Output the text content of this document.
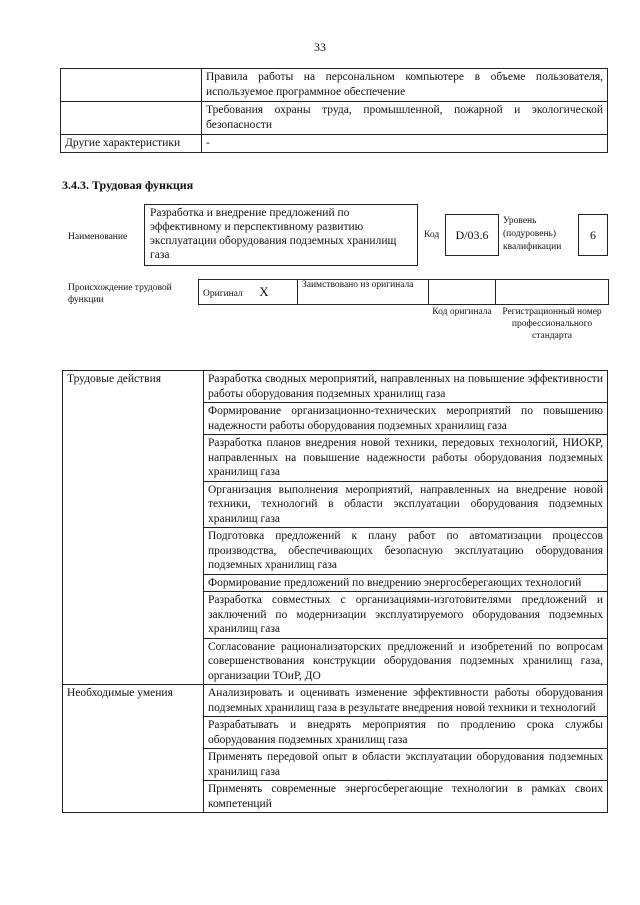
33
	Правила работы на персональном компьютере в объеме пользователя, используемое программное обеспечение
	Требования охраны труда, промышленной, пожарной и экологической безопасности
Другие характеристики	-
3.4.3. Трудовая функция
Наименование
Разработка и внедрение предложений по эффективному и перспективному развитию эксплуатации оборудования подземных хранилищ газа
Код	D/03.6
Уровень (подуровень) квалификации
6
Происхождение трудовой функции
Оригинал X	Заимствовано из оригинала		
Код оригинала	Регистрационный номер профессионального стандарта
Трудовые действия	Разработка сводных мероприятий, направленных на повышение эффективности работы оборудования подземных хранилищ газа
	Формирование организационно-технических мероприятий по повышению надежности работы оборудования подземных хранилищ газа
	Разработка планов внедрения новой техники, передовых технологий, НИОКР, направленных на повышение надежности работы оборудования подземных хранилищ газа
	Организация выполнения мероприятий, направленных на внедрение новой техники, технологий в области эксплуатации оборудования подземных хранилищ газа
	Подготовка предложений к плану работ по автоматизации процессов производства, обеспечивающих безопасную эксплуатацию оборудования подземных хранилищ газа
	Формирование предложений по внедрению энергосберегающих технологий
	Разработка совместных с организациями-изготовителями предложений и заключений по модернизации эксплуатируемого оборудования подземных хранилищ газа
	Согласование рационализаторских предложений и изобретений по вопросам совершенствования конструкции оборудования подземных хранилищ газа, организации ТОиР, ДО
Необходимые умения	Анализировать и оценивать изменение эффективности работы оборудования подземных хранилищ газа в результате внедрения новой техники и технологий
	Разрабатывать и внедрять мероприятия по продлению срока службы оборудования подземных хранилищ газа
	Применять передовой опыт в области эксплуатации оборудования подземных хранилищ газа
	Применять современные энергосберегающие технологии в рамках своих компетенций
